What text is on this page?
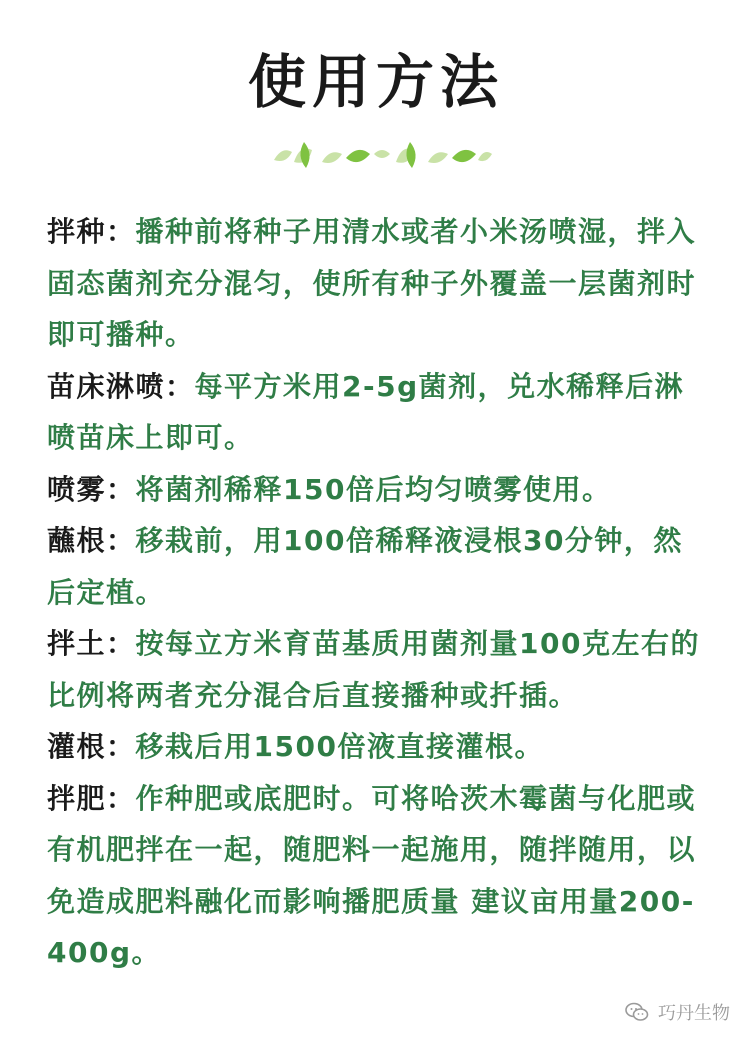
使用方法

拌种：播种前将种子用清水或者小米汤喷湿，拌入固态菌剂充分混匀，使所有种子外覆盖一层菌剂时即可播种。

苗床淋喷：每平方米用2-5g菌剂，兑水稀释后淋喷苗床上即可。

喷雾：将菌剂稀释150倍后均匀喷雾使用。

蘸根：移栽前，用100倍稀释液浸根30分钟，然后定植。

拌土：按每立方米育苗基质用菌剂量100克左右的比例将两者充分混合后直接播种或扦插。

灌根：移栽后用1500倍液直接灌根。

拌肥：作种肥或底肥时。可将哈茨木霉菌与化肥或有机肥拌在一起，随肥料一起施用，随拌随用，以免造成肥料融化而影响播肥质量 建议亩用量200-400g。

巧丹生物
